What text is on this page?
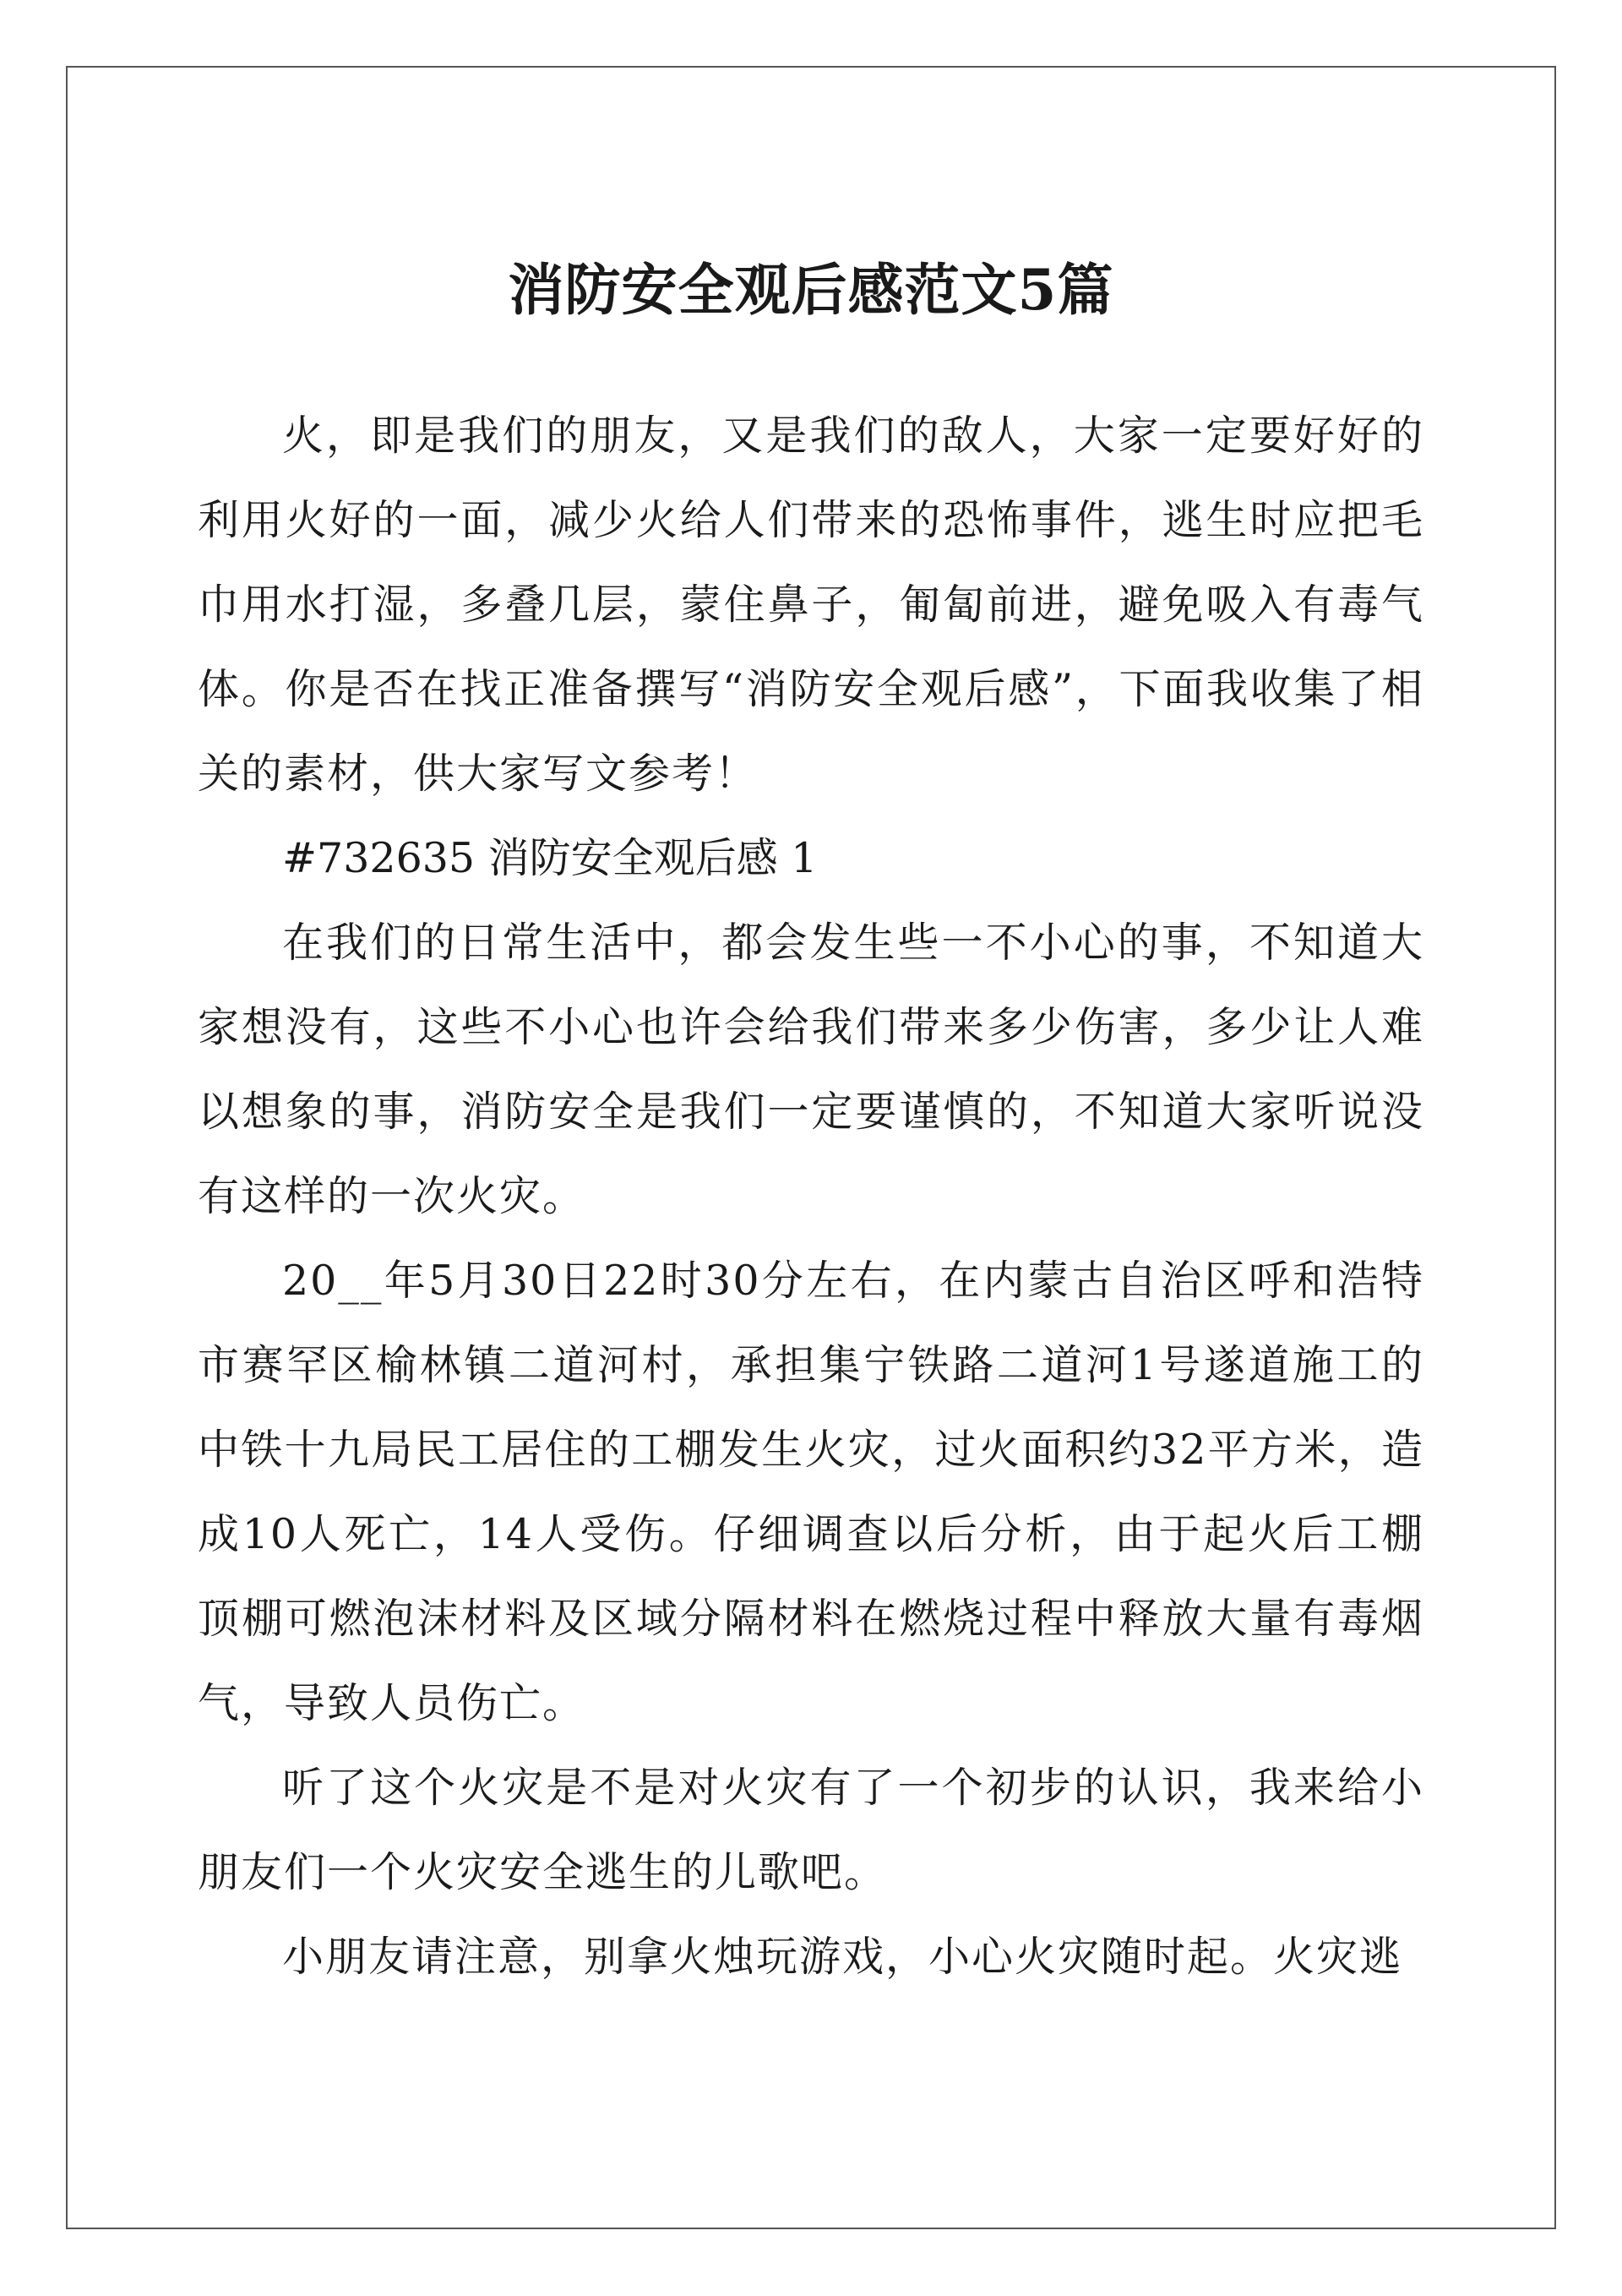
消防安全观后感范文5篇

火，即是我们的朋友，又是我们的敌人，大家一定要好好的利用火好的一面，减少火给人们带来的恐怖事件，逃生时应把毛巾用水打湿，多叠几层，蒙住鼻子，匍匐前进，避免吸入有毒气体。你是否在找正准备撰写“消防安全观后感”，下面我收集了相关的素材，供大家写文参考！

#732635 消防安全观后感 1

在我们的日常生活中，都会发生些一不小心的事，不知道大家想没有，这些不小心也许会给我们带来多少伤害，多少让人难以想象的事，消防安全是我们一定要谨慎的，不知道大家听说没有这样的一次火灾。

20__年5月30日22时30分左右，在内蒙古自治区呼和浩特市赛罕区榆林镇二道河村，承担集宁铁路二道河1号遂道施工的中铁十九局民工居住的工棚发生火灾，过火面积约32平方米，造成10人死亡，14人受伤。仔细调查以后分析，由于起火后工棚顶棚可燃泡沫材料及区域分隔材料在燃烧过程中释放大量有毒烟气，导致人员伤亡。

听了这个火灾是不是对火灾有了一个初步的认识，我来给小朋友们一个火灾安全逃生的儿歌吧。

小朋友请注意，别拿火烛玩游戏，小心火灾随时起。火灾逃
